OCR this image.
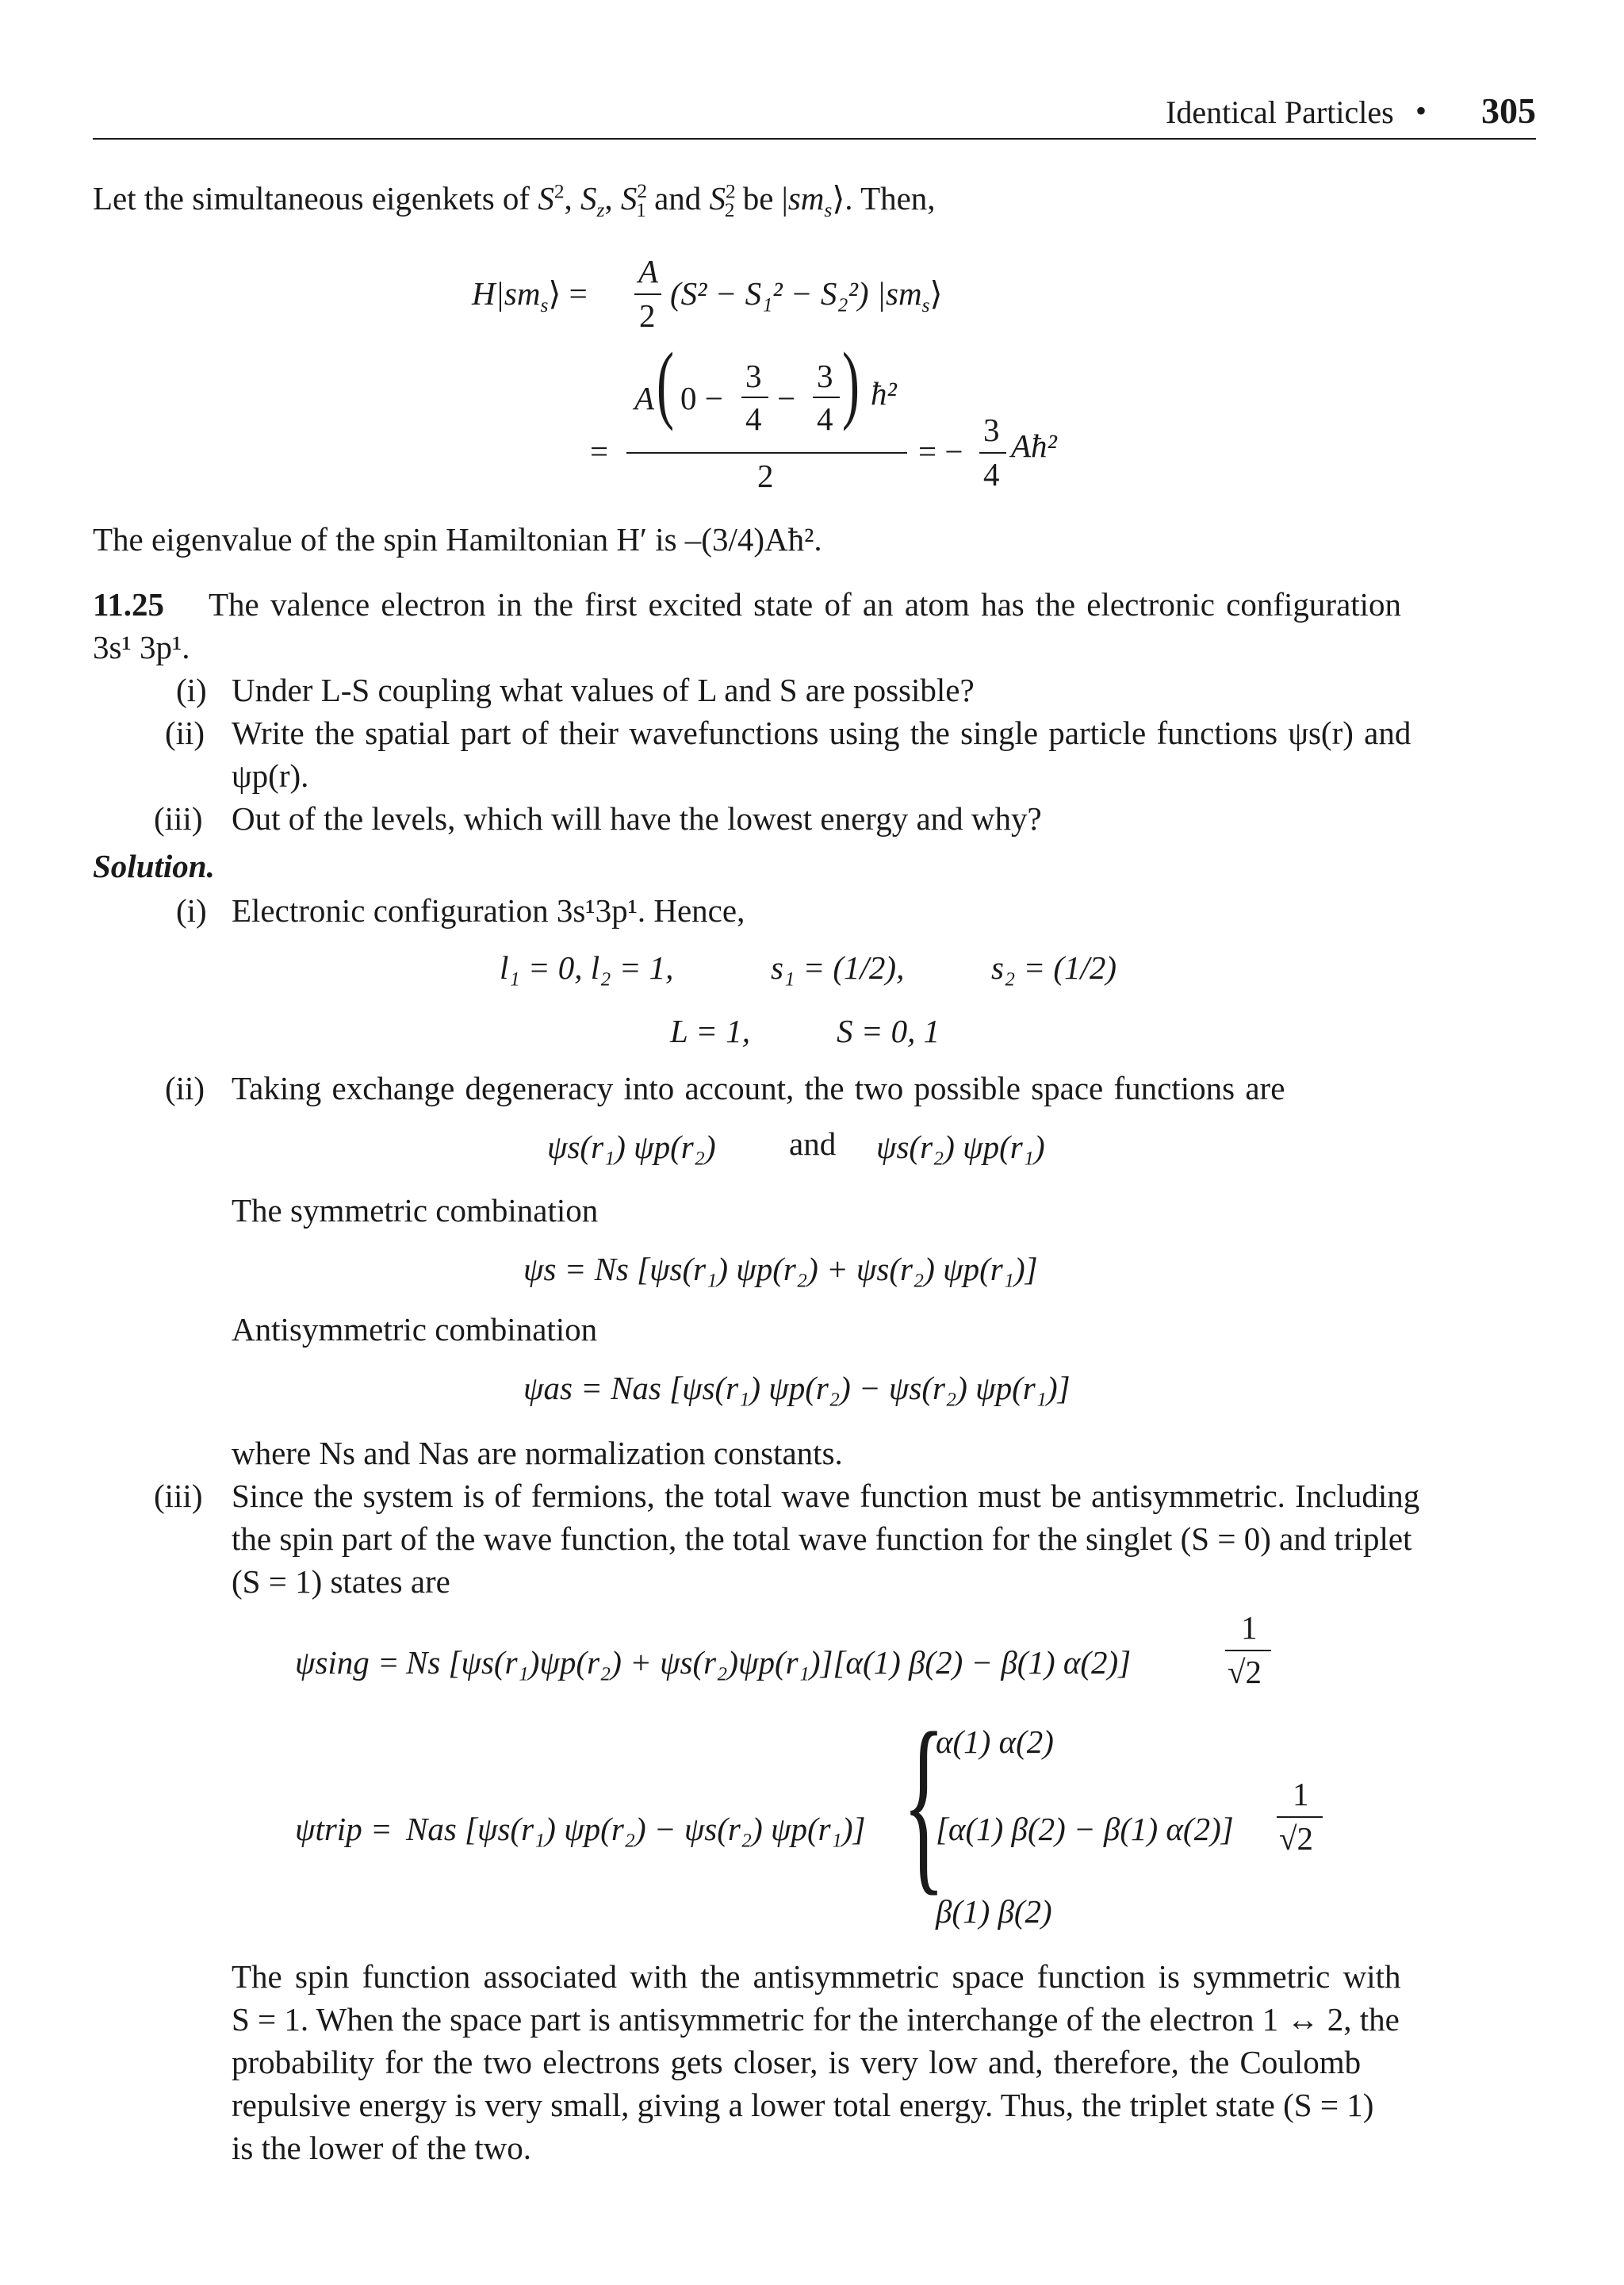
Identical Particles • 305
Let the simultaneous eigenkets of $S^2$, $S_z$, $S^2_1$ and $S^2_2$ be $|sm_s⟩$. Then,
$H|sm_s⟩$ =
A
2
(S² − S₁² − S₂²) $|sm_s⟩$
=
A ( 0 −
3
4
−
3
4 ) ħ²
2
= −
3
4
Aħ²
The eigenvalue of the spin Hamiltonian H′ is –(3/4)Aħ².
11.25 The valence electron in the first excited state of an atom has the electronic configuration
3s¹ 3p¹.
(i) Under L-S coupling what values of L and S are possible?
(ii) Write the spatial part of their wavefunctions using the single particle functions ψs(r) and
ψp(r).
(iii) Out of the levels, which will have the lowest energy and why?
Solution.
(i) Electronic configuration 3s¹3p¹. Hence,
l₁ = 0, l₂ = 1,	s₁ = (1/2),	s₂ = (1/2)
L = 1,	S = 0, 1
(ii) Taking exchange degeneracy into account, the two possible space functions are
ψs(r₁) ψp(r₂) and ψs(r₂) ψp(r₁)
The symmetric combination
ψs = Ns [ψs(r₁) ψp(r₂) + ψs(r₂) ψp(r₁)]
Antisymmetric combination
ψas = Nas [ψs(r₁) ψp(r₂) − ψs(r₂) ψp(r₁)]
where Ns and Nas are normalization constants.
(iii) Since the system is of fermions, the total wave function must be antisymmetric. Including
the spin part of the wave function, the total wave function for the singlet (S = 0) and triplet
(S = 1) states are
ψsing = Ns [ψs(r₁)ψp(r₂) + ψs(r₂)ψp(r₁)][α(1) β(2) − β(1) α(2)]
1
√2
ψtrip = Nas [ψs(r₁) ψp(r₂) − ψs(r₂) ψp(r₁)] {
α(1) α(2)
[α(1) β(2) − β(1) α(2)]
1
√2
β(1) β(2)
The spin function associated with the antisymmetric space function is symmetric with
S = 1. When the space part is antisymmetric for the interchange of the electron 1 ↔ 2, the
probability for the two electrons gets closer, is very low and, therefore, the Coulomb
repulsive energy is very small, giving a lower total energy. Thus, the triplet state (S = 1)
is the lower of the two.
